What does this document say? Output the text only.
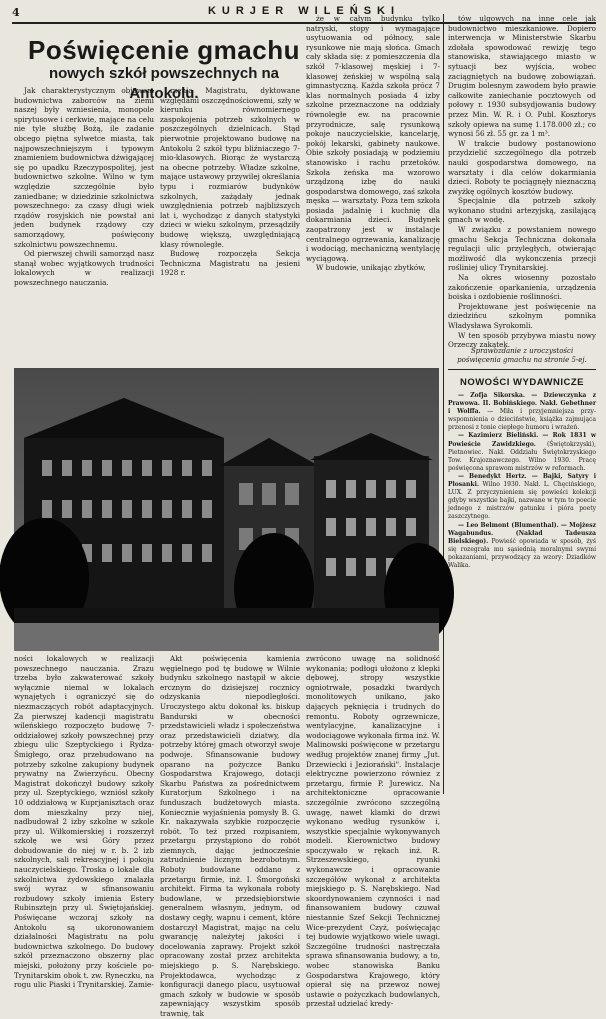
4	KURJER WILEŃSKI
Poświęcenie gmachu
nowych szkół powszechnych na Antokolu.

Jak charakterystycznym objawem budownictwa zaborców na ziemi naszej były wzniesienia, monopole spirytusowe i cerkwie, mające na celu nie tyle służbę Bożą, ile zadanie obcego piętna sylwetce miasta, tak najpowszechniejszym i typowym znamieniem budownictwa dźwigającej się po upadku Rzeczypospolitej, jest budownictwo szkolne. Wilno w tym względzie szczególnie było zaniedbane; w dziedzinie szkolnictwa powszechnego: za czasy długi wiek rządów rosyjskich nie powstał ani jeden budynek rządowy czy samorządowy, poświęcony szkolnictwu powszechnemu.

Od pierwszej chwili samorząd nasz stanął wobec wyjątkowych trudności lokalowych w realizacji powszechnego nauczania.

rzenia Magistratu, dyktowane względami oszczędnościowemi, szły w kierunku równomiernego zaspokojenia potrzeb szkolnych w poszczególnych dzielnicach. Stąd pierwotnie projektowano budowę na Antokolu 2 szkół typu bliźniaczego 7-mio-klasowych. Biorąc że wystarczą na obecne potrzeby. Władze szkolne, mające ustawowy przywilej określania typu i rozmiarów budynków szkolnych, zażądały jednak uwzględnienia potrzeb najbliższych lat i, wychodząc z danych statystyki dzieci w wieku szkolnym, przesądziły budowę większą, uwzględniającą klasy równoległe.

Budowę rozpoczęła Sekcja Techniczna Magistratu na jesieni 1928 r.

że w całym budynku tylko natryski, stopy i wymagające usytuowania od północy, sale rysunkowe nie mają słońca. Gmach cały składa się: z pomieszczenia dla szkół 7-klasowej męskiej i 7-klasowej żeńskiej w wspólną salą gimnastyczną. Każda szkoła prócz 7 klas normalnych posiada 4 izby szkolne przeznaczone na oddziały równoległe ew. na pracownie przyrodnicze, salę rysunkową pokoje nauczycielskie, kancelarję, pokój lekarski, gabinety naukowe. Obie szkoły posiadają w podziemiu stanowisko i rachu przetoków. Szkoła żeńska ma wzorowo urządzoną izbę do nauki gospodarstwa domowego, zaś szkoła męska — warsztaty. Poza tem szkoła posiada jadalnię i kuchnię dla dokarmiania dzieci. Budynek zaopatrzony jest w instalacje centralnego ogrzewania, kanalizację i wodociąg, mechaniczną wentylację wyciągową.

W budowie, unikając zbytków,

tów ulgowych na inne cele jak budownictwo mieszkaniowe. Dopiero interwencja w Ministerstwie Skarbu zdołała spowodować rewizję tego stanowiska, stawiającego miasto w sytuacji bez wyjścia, wobec zaciągniętych na budowę zobowiązań. Drugim bolesnym zawodem było prawie całkowite zaniechanie pocztowych od połowy r. 1930 subsydjowania budowy przez Min. W. R. i O. Publ. Kosztorys szkoły opiewa na sumę 1.178.000 zł.; co wynosi 56 zł. 55 gr. za 1 m³.

W trakcie budowy postanowiono przydzielić szczególnego dla potrzeb nauki gospodarstwa domowego, na warsztaty i dla celów dokarmiania dzieci. Roboty te pociągnęły nieznaczną zwyżkę ogólnych kosztów budowy.

Specjalnie dla potrzeb szkoły wykonano studni artezyjską, zasilającą gmach w wodę.

W związku z powstaniem nowego gmachu Sekcja Techniczna dokonała regulacji ulic przyległych, otwierając możliwość dla wykonczenia przecji rośliniej ulicy Trynitarskiej.

Na okres wiosenny pozostało zakończenie oparkanienia, urządzenia boiska i ozdobienie roślinności.

Projektowane jest poświęcenie na dziedzińcu szkolnym pomnika Władysława Syrokomli.

W ten sposób przybywa miastu nowy Orzeczy zakątek.

Sprawozdanie z uroczystości poświęcenia gmachu na stronie 5-ej.

ności lokalowych w realizacji powszechnego nauczania. Zrazu trzeba było zakwaterować szkoły wyłącznie niemal w lokalach wynajętych i ograniczyć się do niezmaczących robót adaptacyjnych. Za pierwszej kadencji magistratu wileńskiego rozpoczęto budowę 7-oddziałowej szkoły powszechnej przy zbiegu ulic Szeptyckiego i Rydza-Śmigłego, oraz przebudowano na potrzeby szkolne zakupiony budynek prywatny na Zwierzyńcu. Obecny Magistrat dokończył budowy szkoły przy ul. Szeptyckiego, wzniósł szkoły 10 oddziałową w Kuprjanisztach oraz dom mieszkalny przy niej, nadbudował 2 izby szkolne w szkole przy ul. Wiłkomierskiej i rozszerzył szkołę we wsi Góry przez dobudowanie do niej w r. b. 2 izb szkolnych, sali rekreacyjnej i pokoju nauczycielskiego. Troska o lokale dla szkolnictwa żydowskiego znalazła swój wyraz w sfinansowaniu rozbudowy szkoły imienia Estery Rubinsztejn przy ul. Świętojańskiej. Poświęcane wczoraj szkoły na Antokolu są ukoronowaniem działalności Magistratu na polu budownictwa szkolnego. Do budowy szkół przeznaczono obszerny plac miejski, położony przy kościele po-Trynitarskim obok t. zw. Ryneczku, na rogu ulic Piaski i Trynitarskiej. Zamie-

Akt poświęcenia kamienia węgielnego pod tę budowę w Wilnie budynku szkolnego nastąpił w akcie ercznym do dzisiejszej rocznicy odzyskania niepodległości. Uroczystego aktu dokonał ks. biskup Bandurski w obecności przedstawicieli władz i społeczeństwa oraz przedstawicieli dziatwy, dla potrzeby której gmach otworzył swoje podwoje. Sfinansowanie budowy oparano na pożyczce Banku Gospodarstwa Krajowego, dotacji Skarbu Państwa za pośrednictwem Kuratorjum Szkolnego i na funduszach budżetowych miasta. Koniecznie wyjaśnienia pomysły B. G. Kr. nakazywała szybkie rozpoczęcie robót. To też przed rozpisaniem, przetargu przystąpiono do robót ziemnych, dając jednocześnie zatrudnienie licznym bezrobotnym. Roboty budowlane oddano z przetargu firmie, inż. I. Śmorgoński architekt. Firma ta wykonała roboty budowlane, w przedsiębiorstwie generalnem własnym, jednym, od dostawy cegły, wapnu i cement, które dostarczył Magistrat, mając na celu gwarancję należytej jakości i docelowania zaprawy. Projekt szkół opracowany został przez architekta miejskiego p. S. Narębskiego. Projektodawca, wychodząc z konfiguracji danego placu, usytuował gmach szkoły w budowie w sposób zapewniający wszystkim sposób trawnię, tak

zwrócono uwagę na solidność wykonania; podłogi ułożono z klepki dębowej, stropy wszystkie ogniotrwałe, posadzki twardych monolitowych unikano, jako dających pęknięcia i trudnych do remontu. Roboty ogrzewnicze, wentylacyjne, kanalizacyjne i wodociągowe wykonała firma inż. W. Malinowski poświęcone w przetargu według projektów znanej firmy „Jut. Drzewiecki i Jeziorański". Instalacje elektryczne powierzono równiez z przetargu, firmie P. Jurewicz. Na architektoniczne opracowanie szczególnie zwrócono szczególną uwagę, nawet klamki do drzwi wykonano według rysunków i, wszystkie specjalnie wykonywanych modeli. Kierownictwo budowy spoczywało w rękach inż. R. Strzeszewskiego, ryunki wykonawcze i opracowanie szczegółów wykonał z architekta miejskiego p. S. Narębskiego. Nad skoordynowaniem czynności i nad finansowaniem budowy czuwał niestannie Szef Sekcji Technicznej Wice-prezydent Czyż, poświęcając tej budowie wyjątkowo wiele uwagi. Szczególne trudności nastręczała sprawa sfinansowania budowy, a to, wobec stanowiska Banku Gospodarstwa Krajowego, który opierał się na przewoz nowej ustawie o pożyczkach budowlanych, przestał udzielać kredy-

NOWOŚCI WYDAWNICZE

— Zofja Sikorska. — Dziewczynka z Prawowa. II. Bobińskiego. Nakł. Gebethner i Wolffa. — Miła i przyjemniejsza przy-wspomnienia o dzieciństwie, książka zajmująca przenosi z tonie ciepłego humoru i wrażeń.

— Kazimierz Bieliński. — Rok 1831 w Powieście Zawidzkiego. (Świętokrzyski), Pietnowiec. Nakł. Oddziału Świętokrzyskiego Tow. Krajoznawczego. Wilno 1930. Pracę poświęcona sprawom mistrzów w reformach.

— Benedykt Hertz. — Bajki, Satyry i Plosanki. Wilno 1930. Nakł. L. Chęcińskiego, LUX. Z przyczynieniem się powieści kolekcji gdyby wszystkie bajki, nazwane w tym to poecie jednego z mistrzów gatunku i pióra poety zaszczytnego.

— Leo Belmont (Blumenthal). — Mojżesz Wagabundus. (Nakład Tadeusza Bielskiego). Powieść opowiada w sposób, żyś się rozegrała mu sąsiednią moralnymi swymi pokazaniami, przywodzący za wzory: Dziadków Walika.
